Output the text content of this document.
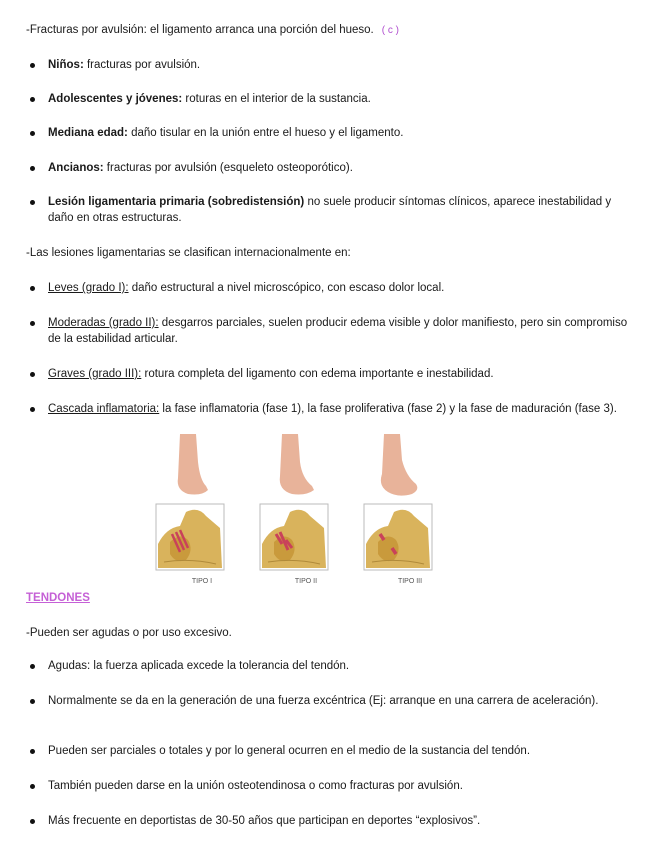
-Fracturas por avulsión: el ligamento arranca una porción del hueso. ( c )
Niños: fracturas por avulsión.
Adolescentes y jóvenes: roturas en el interior de la sustancia.
Mediana edad: daño tisular en la unión entre el hueso y el ligamento.
Ancianos: fracturas por avulsión (esqueleto osteoporótico).
Lesión ligamentaria primaria (sobredistensión) no suele producir síntomas clínicos, aparece inestabilidad y daño en otras estructuras.
-Las lesiones ligamentarias se clasifican internacionalmente en:
Leves (grado I): daño estructural a nivel microscópico, con escaso dolor local.
Moderadas (grado II): desgarros parciales, suelen producir edema visible y dolor manifiesto, pero sin compromiso de la estabilidad articular.
Graves (grado III): rotura completa del ligamento con edema importante e inestabilidad.
Cascada inflamatoria: la fase inflamatoria (fase 1), la fase proliferativa (fase 2) y la fase de maduración (fase 3).
TIPO I	TIPO II	TIPO III
TENDONES
-Pueden ser agudas o por uso excesivo.
Agudas: la fuerza aplicada excede la tolerancia del tendón.
Normalmente se da en la generación de una fuerza excéntrica (Ej: arranque en una carrera de aceleración).
Pueden ser parciales o totales y por lo general ocurren en el medio de la sustancia del tendón.
También pueden darse en la unión osteotendinosa o como fracturas por avulsión.
Más frecuente en deportistas de 30-50 años que participan en deportes “explosivos”.
